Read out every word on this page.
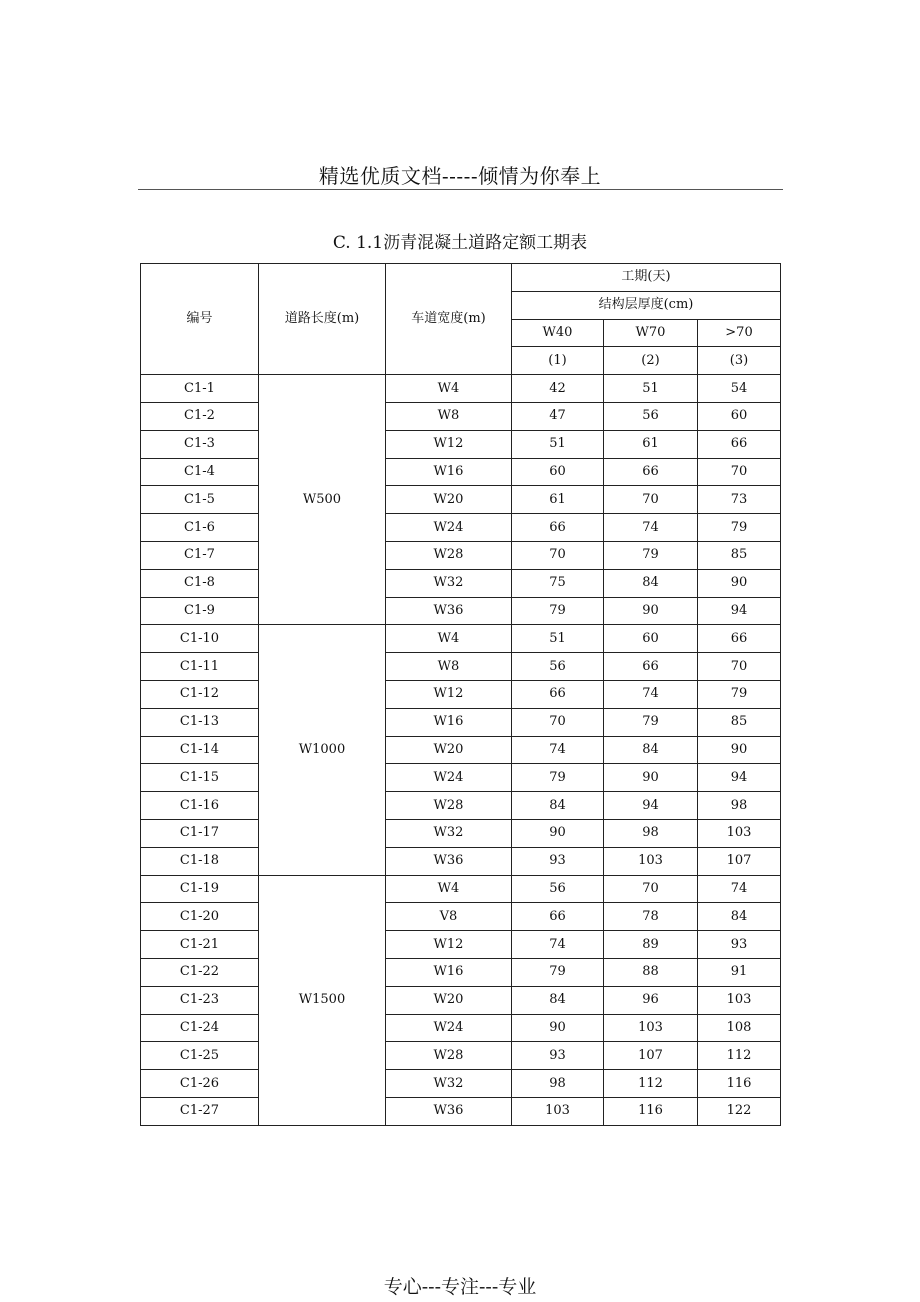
精选优质文档-----倾情为你奉上
C. 1.1沥青混凝土道路定额工期表
编号	道路长度(m)	车道宽度(m)	工期(天)		
			结构层厚度(cm)		
			W40	W70	>70
			(1)	(2)	(3)
C1-1	W500	W4	42	51	54
C1-2		W8	47	56	60
C1-3		W12	51	61	66
C1-4		W16	60	66	70
C1-5		W20	61	70	73
C1-6		W24	66	74	79
C1-7		W28	70	79	85
C1-8		W32	75	84	90
C1-9		W36	79	90	94
C1-10	W1000	W4	51	60	66
C1-11		W8	56	66	70
C1-12		W12	66	74	79
C1-13		W16	70	79	85
C1-14		W20	74	84	90
C1-15		W24	79	90	94
C1-16		W28	84	94	98
C1-17		W32	90	98	103
C1-18		W36	93	103	107
C1-19	W1500	W4	56	70	74
C1-20		V8	66	78	84
C1-21		W12	74	89	93
C1-22		W16	79	88	91
C1-23		W20	84	96	103
C1-24		W24	90	103	108
C1-25		W28	93	107	112
C1-26		W32	98	112	116
C1-27		W36	103	116	122
专心---专注---专业
